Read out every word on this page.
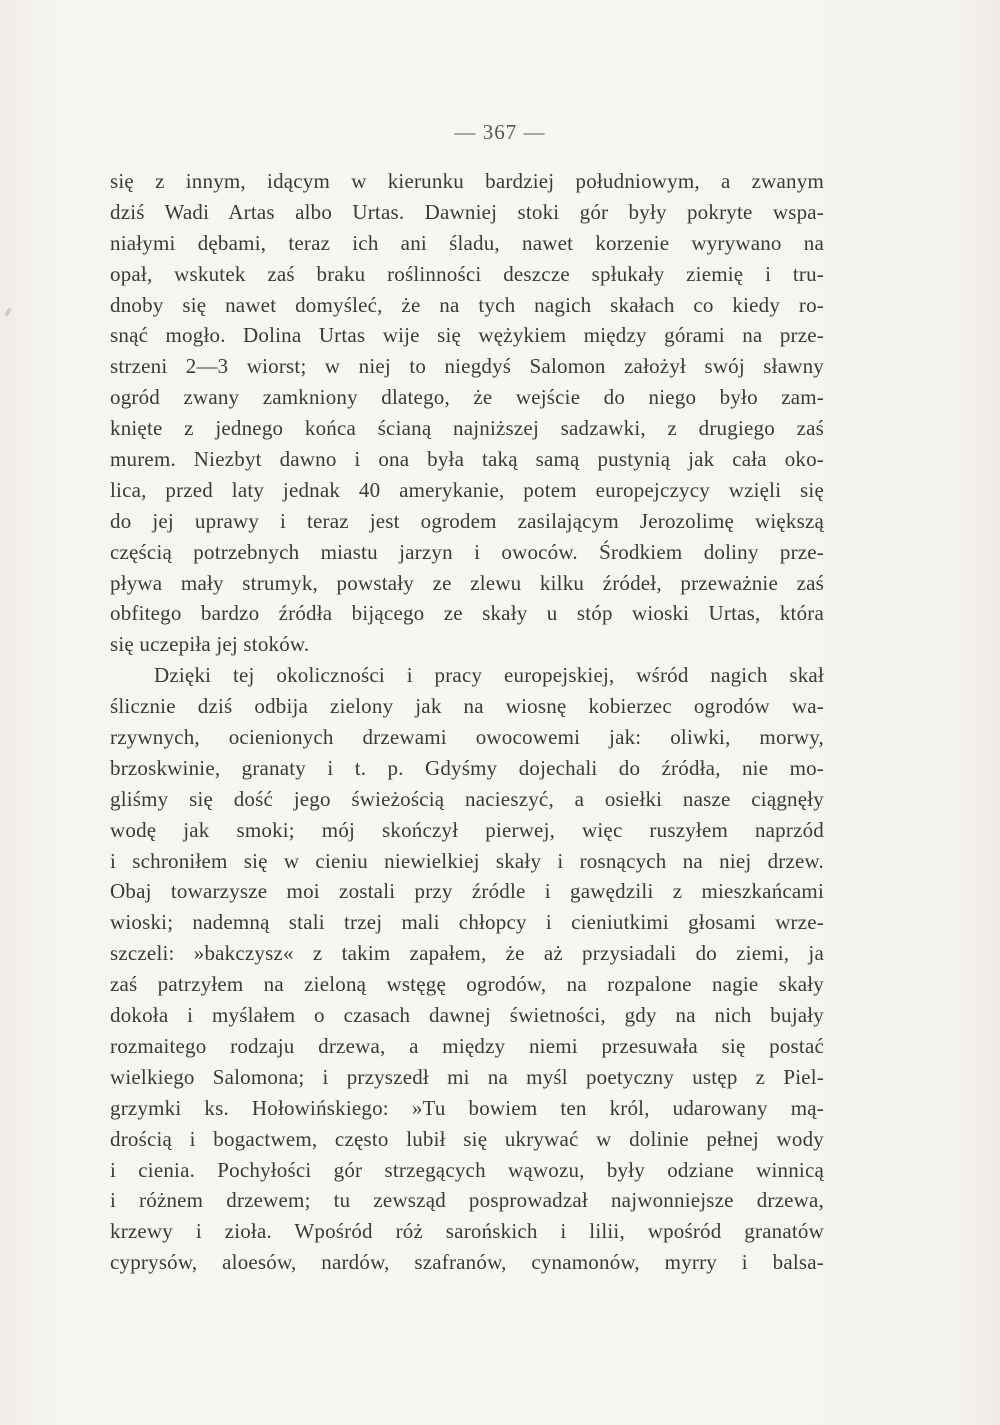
— 367 —
się z innym, idącym w kierunku bardziej południowym, a zwanym
dziś Wadi Artas albo Urtas. Dawniej stoki gór były pokryte wspa-
niałymi dębami, teraz ich ani śladu, nawet korzenie wyrywano na
opał, wskutek zaś braku roślinności deszcze spłukały ziemię i tru-
dnoby się nawet domyśleć, że na tych nagich skałach co kiedy ro-
snąć mogło. Dolina Urtas wije się wężykiem między górami na prze-
strzeni 2—3 wiorst; w niej to niegdyś Salomon założył swój sławny
ogród zwany zamkniony dlatego, że wejście do niego było zam-
knięte z jednego końca ścianą najniższej sadzawki, z drugiego zaś
murem. Niezbyt dawno i ona była taką samą pustynią jak cała oko-
lica, przed laty jednak 40 amerykanie, potem europejczycy wzięli się
do jej uprawy i teraz jest ogrodem zasilającym Jerozolimę większą
częścią potrzebnych miastu jarzyn i owoców. Środkiem doliny prze-
pływa mały strumyk, powstały ze zlewu kilku źródeł, przeważnie zaś
obfitego bardzo źródła bijącego ze skały u stóp wioski Urtas, która
się uczepiła jej stoków.
Dzięki tej okoliczności i pracy europejskiej, wśród nagich skał
ślicznie dziś odbija zielony jak na wiosnę kobierzec ogrodów wa-
rzywnych, ocienionych drzewami owocowemi jak: oliwki, morwy,
brzoskwinie, granaty i t. p. Gdyśmy dojechali do źródła, nie mo-
gliśmy się dość jego świeżością nacieszyć, a osiełki nasze ciągnęły
wodę jak smoki; mój skończył pierwej, więc ruszyłem naprzód
i schroniłem się w cieniu niewielkiej skały i rosnących na niej drzew.
Obaj towarzysze moi zostali przy źródle i gawędzili z mieszkańcami
wioski; nademną stali trzej mali chłopcy i cieniutkimi głosami wrze-
szczeli: »bakczysz« z takim zapałem, że aż przysiadali do ziemi, ja
zaś patrzyłem na zieloną wstęgę ogrodów, na rozpalone nagie skały
dokoła i myślałem o czasach dawnej świetności, gdy na nich bujały
rozmaitego rodzaju drzewa, a między niemi przesuwała się postać
wielkiego Salomona; i przyszedł mi na myśl poetyczny ustęp z Piel-
grzymki ks. Hołowińskiego: »Tu bowiem ten król, udarowany mą-
drością i bogactwem, często lubił się ukrywać w dolinie pełnej wody
i cienia. Pochyłości gór strzegących wąwozu, były odziane winnicą
i różnem drzewem; tu zewsząd posprowadzał najwonniejsze drzewa,
krzewy i zioła. Wpośród róż sarońskich i lilii, wpośród granatów
cyprysów, aloesów, nardów, szafranów, cynamonów, myrry i balsa-
